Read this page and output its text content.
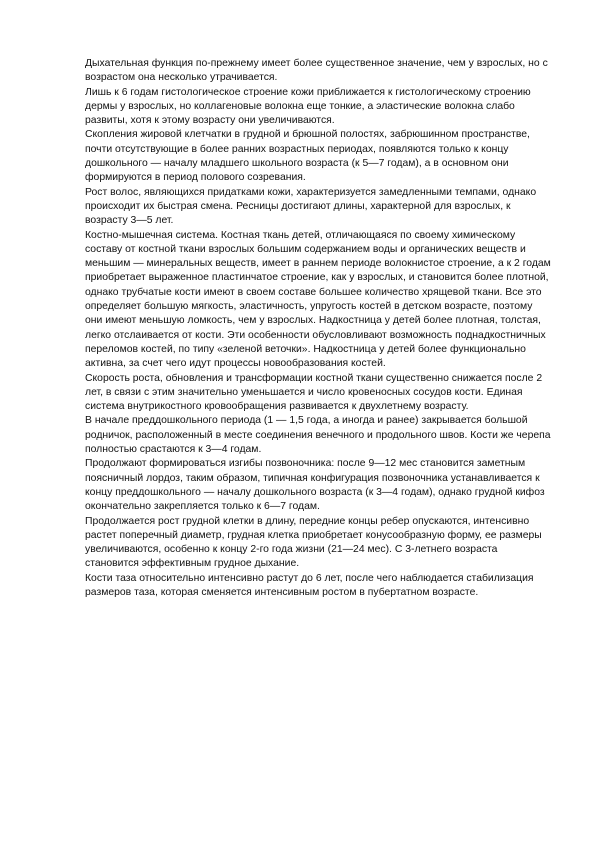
Дыхательная функция по-прежнему имеет более существенное значение, чем у взрослых, но с возрастом она несколько утрачивается.

Лишь к 6 годам гистологическое строение кожи приближается к гистологическому строению дермы у взрослых, но коллагеновые волокна еще тонкие, а эластические волокна слабо развиты, хотя к этому возрасту они увеличиваются.

Скопления жировой клетчатки в грудной и брюшной полостях, забрюшинном пространстве, почти отсутствующие в более ранних возрастных периодах, появляются только к концу дошкольного — началу младшего школьного возраста (к 5—7 годам), а в основном они формируются в период полового созревания.

Рост волос, являющихся придатками кожи, характеризуется замедленными темпами, однако происходит их быстрая смена. Ресницы достигают длины, характерной для взрослых, к возрасту 3—5 лет.

Костно-мышечная система. Костная ткань детей, отличающаяся по своему химическому составу от костной ткани взрослых большим содержанием воды и органических веществ и меньшим — минеральных веществ, имеет в раннем периоде волокнистое строение, а к 2 годам приобретает выраженное пластинчатое строение, как у взрослых, и становится более плотной, однако трубчатые кости имеют в своем составе большее количество хрящевой ткани. Все это определяет большую мягкость, эластичность, упругость костей в детском возрасте, поэтому они имеют меньшую ломкость, чем у взрослых. Надкостница у детей более плотная, толстая, легко отслаивается от кости. Эти особенности обусловливают возможность поднадкостничных переломов костей, по типу «зеленой веточки». Надкостница у детей более функционально активна, за счет чего идут процессы новообразования костей.

Скорость роста, обновления и трансформации костной ткани существенно снижается после 2 лет, в связи с этим значительно уменьшается и число кровеносных сосудов кости. Единая система внутрикостного кровообращения развивается к двухлетнему возрасту.

В начале преддошкольного периода (1 — 1,5 года, а иногда и ранее) закрывается большой родничок, расположенный в месте соединения венечного и продольного швов. Кости же черепа полностью срастаются к 3—4 годам.

Продолжают формироваться изгибы позвоночника: после 9—12 мес становится заметным поясничный лордоз, таким образом, типичная конфигурация позвоночника устанавливается к концу преддошкольного — началу дошкольного возраста (к 3—4 годам), однако грудной кифоз окончательно закрепляется только к 6—7 годам.

Продолжается рост грудной клетки в длину, передние концы ребер опускаются, интенсивно растет поперечный диаметр, грудная клетка приобретает конусообразную форму, ее размеры увеличиваются, особенно к концу 2-го года жизни (21—24 мес). С 3-летнего возраста становится эффективным грудное дыхание.

Кости таза относительно интенсивно растут до 6 лет, после чего наблюдается стабилизация размеров таза, которая сменяется интенсивным ростом в пубертатном возрасте.
